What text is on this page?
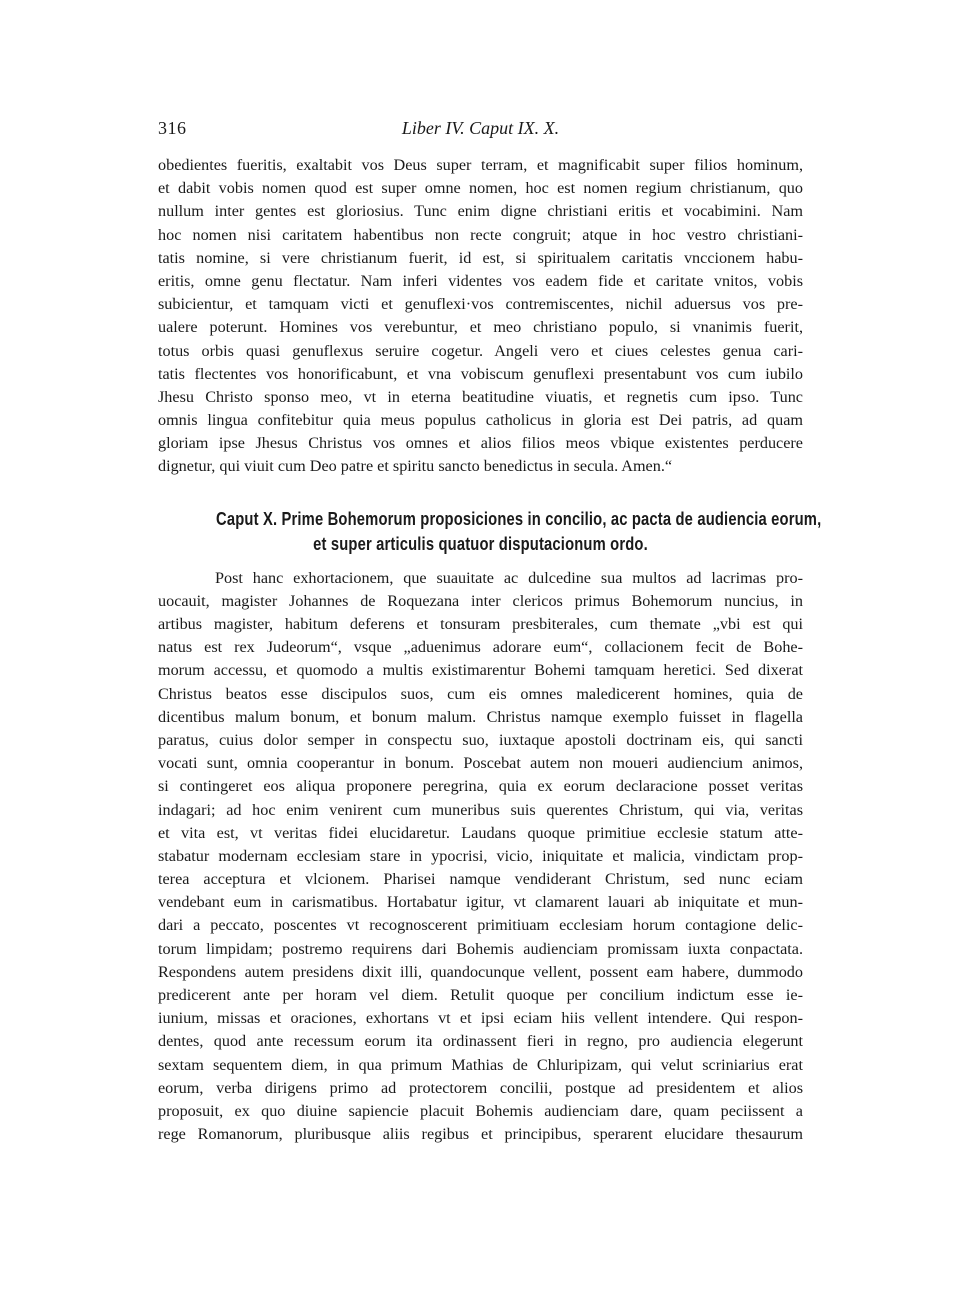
316	Liber IV. Caput IX. X.
obedientes fueritis, exaltabit vos Deus super terram, et magnificabit super filios hominum,
et dabit vobis nomen quod est super omne nomen, hoc est nomen regium christianum, quo
nullum inter gentes est gloriosius. Tunc enim digne christiani eritis et vocabimini. Nam
hoc nomen nisi caritatem habentibus non recte congruit; atque in hoc vestro christiani-
tatis nomine, si vere christianum fuerit, id est, si spiritualem caritatis vnccionem habu-
eritis, omne genu flectatur. Nam inferi videntes vos eadem fide et caritate vnitos, vobis
subicientur, et tamquam victi et genuflexi·vos contremiscentes, nichil aduersus vos pre-
ualere poterunt. Homines vos verebuntur, et meo christiano populo, si vnanimis fuerit,
totus orbis quasi genuflexus seruire cogetur. Angeli vero et ciues celestes genua cari-
tatis flectentes vos honorificabunt, et vna vobiscum genuflexi presentabunt vos cum iubilo
Jhesu Christo sponso meo, vt in eterna beatitudine viuatis, et regnetis cum ipso. Tunc
omnis lingua confitebitur quia meus populus catholicus in gloria est Dei patris, ad quam
gloriam ipse Jhesus Christus vos omnes et alios filios meos vbique existentes perducere
dignetur, qui viuit cum Deo patre et spiritu sancto benedictus in secula. Amen.“
Caput X. Prime Bohemorum proposiciones in concilio, ac pacta de audiencia eorum,
et super articulis quatuor disputacionum ordo.
Post hanc exhortacionem, que suauitate ac dulcedine sua multos ad lacrimas pro-
uocauit, magister Johannes de Roquezana inter clericos primus Bohemorum nuncius, in
artibus magister, habitum deferens et tonsuram presbiterales, cum themate „vbi est qui
natus est rex Judeorum“, vsque „aduenimus adorare eum“, collacionem fecit de Bohe-
morum accessu, et quomodo a multis existimarentur Bohemi tamquam heretici. Sed dixerat
Christus beatos esse discipulos suos, cum eis omnes maledicerent homines, quia de
dicentibus malum bonum, et bonum malum. Christus namque exemplo fuisset in flagella
paratus, cuius dolor semper in conspectu suo, iuxtaque apostoli doctrinam eis, qui sancti
vocati sunt, omnia cooperantur in bonum. Poscebat autem non moueri audiencium animos,
si contingeret eos aliqua proponere peregrina, quia ex eorum declaracione posset veritas
indagari; ad hoc enim venirent cum muneribus suis querentes Christum, qui via, veritas
et vita est, vt veritas fidei elucidaretur. Laudans quoque primitiue ecclesie statum atte-
stabatur modernam ecclesiam stare in ypocrisi, vicio, iniquitate et malicia, vindictam prop-
terea acceptura et vlcionem. Pharisei namque vendiderant Christum, sed nunc eciam
vendebant eum in carismatibus. Hortabatur igitur, vt clamarent lauari ab iniquitate et mun-
dari a peccato, poscentes vt recognoscerent primitiuam ecclesiam horum contagione delic-
torum limpidam; postremo requirens dari Bohemis audienciam promissam iuxta conpactata.
Respondens autem presidens dixit illi, quandocunque vellent, possent eam habere, dummodo
predicerent ante per horam vel diem. Retulit quoque per concilium indictum esse ie-
iunium, missas et oraciones, exhortans vt et ipsi eciam hiis vellent intendere. Qui respon-
dentes, quod ante recessum eorum ita ordinassent fieri in regno, pro audiencia elegerunt
sextam sequentem diem, in qua primum Mathias de Chluripizam, qui velut scriniarius erat
eorum, verba dirigens primo ad protectorem concilii, postque ad presidentem et alios
proposuit, ex quo diuine sapiencie placuit Bohemis audienciam dare, quam peciissent a
rege Romanorum, pluribusque aliis regibus et principibus, sperarent elucidare thesaurum
